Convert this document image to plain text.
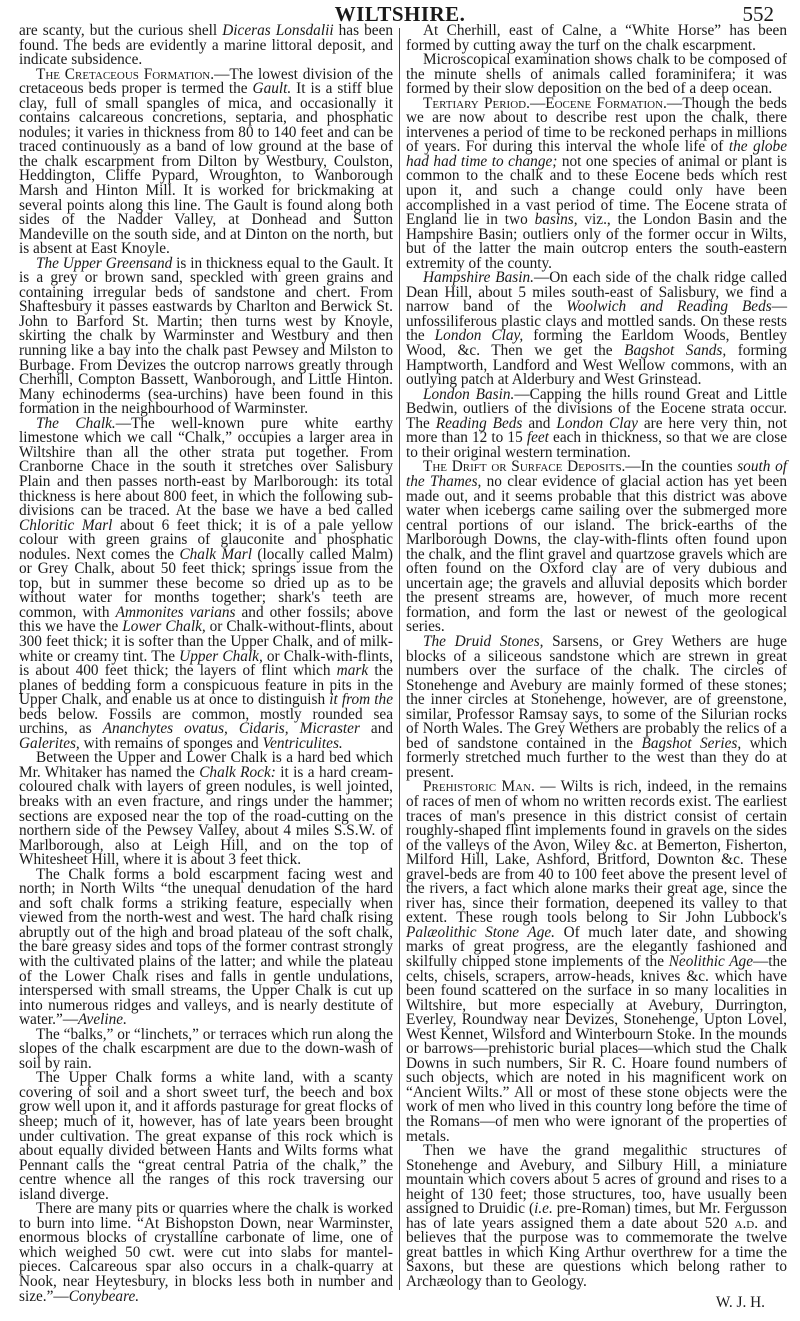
WILTSHIRE.	552

are scanty, but the curious shell Diceras Lonsdalii has been found. The beds are evidently a marine littoral deposit, and indicate subsidence.

The Cretaceous Formation.—The lowest division of the cretaceous beds proper is termed the Gault. It is a stiff blue clay, full of small spangles of mica, and occasionally it contains calcareous concretions, septaria, and phosphatic nodules; it varies in thickness from 80 to 140 feet and can be traced continuously as a band of low ground at the base of the chalk escarpment from Dilton by Westbury, Coulston, Heddington, Cliffe Pypard, Wroughton, to Wanborough Marsh and Hinton Mill. It is worked for brickmaking at several points along this line. The Gault is found along both sides of the Nadder Valley, at Donhead and Sutton Mandeville on the south side, and at Dinton on the north, but is absent at East Knoyle.

The Upper Greensand is in thickness equal to the Gault. It is a grey or brown sand, speckled with green grains and containing irregular beds of sandstone and chert. From Shaftesbury it passes eastwards by Charlton and Berwick St. John to Barford St. Martin; then turns west by Knoyle, skirting the chalk by Warminster and Westbury and then running like a bay into the chalk past Pewsey and Milston to Burbage. From Devizes the outcrop narrows greatly through Cherhill, Compton Bassett, Wanborough, and Little Hinton. Many echinoderms (sea-urchins) have been found in this formation in the neighbourhood of Warminster.

The Chalk.—The well-known pure white earthy limestone which we call “Chalk,” occupies a larger area in Wiltshire than all the other strata put together. From Cranborne Chace in the south it stretches over Salisbury Plain and then passes north-east by Marlborough: its total thickness is here about 800 feet, in which the following sub-divisions can be traced. At the base we have a bed called Chloritic Marl about 6 feet thick; it is of a pale yellow colour with green grains of glauconite and phosphatic nodules. Next comes the Chalk Marl (locally called Malm) or Grey Chalk, about 50 feet thick; springs issue from the top, but in summer these become so dried up as to be without water for months together; shark's teeth are common, with Ammonites varians and other fossils; above this we have the Lower Chalk, or Chalk-without-flints, about 300 feet thick; it is softer than the Upper Chalk, and of milk-white or creamy tint. The Upper Chalk, or Chalk-with-flints, is about 400 feet thick; the layers of flint which mark the planes of bedding form a conspicuous feature in pits in the Upper Chalk, and enable us at once to distinguish it from the beds below. Fossils are common, mostly rounded sea urchins, as Ananchytes ovatus, Cidaris, Micraster and Galerites, with remains of sponges and Ventriculites.

Between the Upper and Lower Chalk is a hard bed which Mr. Whitaker has named the Chalk Rock: it is a hard cream-coloured chalk with layers of green nodules, is well jointed, breaks with an even fracture, and rings under the hammer; sections are exposed near the top of the road-cutting on the northern side of the Pewsey Valley, about 4 miles S.S.W. of Marlborough, also at Leigh Hill, and on the top of Whitesheet Hill, where it is about 3 feet thick.

The Chalk forms a bold escarpment facing west and north; in North Wilts “the unequal denudation of the hard and soft chalk forms a striking feature, especially when viewed from the north-west and west. The hard chalk rising abruptly out of the high and broad plateau of the soft chalk, the bare greasy sides and tops of the former contrast strongly with the cultivated plains of the latter; and while the plateau of the Lower Chalk rises and falls in gentle undulations, interspersed with small streams, the Upper Chalk is cut up into numerous ridges and valleys, and is nearly destitute of water.”—Aveline.

The “balks,” or “linchets,” or terraces which run along the slopes of the chalk escarpment are due to the down-wash of soil by rain.

The Upper Chalk forms a white land, with a scanty covering of soil and a short sweet turf, the beech and box grow well upon it, and it affords pasturage for great flocks of sheep; much of it, however, has of late years been brought under cultivation. The great expanse of this rock which is about equally divided between Hants and Wilts forms what Pennant calls the “great central Patria of the chalk,” the centre whence all the ranges of this rock traversing our island diverge.

There are many pits or quarries where the chalk is worked to burn into lime. “At Bishopston Down, near Warminster, enormous blocks of crystalline carbonate of lime, one of which weighed 50 cwt. were cut into slabs for mantel-pieces. Calcareous spar also occurs in a chalk-quarry at Nook, near Heytesbury, in blocks less both in number and size.”—Conybeare.

At Cherhill, east of Calne, a “White Horse” has been formed by cutting away the turf on the chalk escarpment.

Microscopical examination shows chalk to be composed of the minute shells of animals called foraminifera; it was formed by their slow deposition on the bed of a deep ocean.

Tertiary Period.—Eocene Formation.—Though the beds we are now about to describe rest upon the chalk, there intervenes a period of time to be reckoned perhaps in millions of years. For during this interval the whole life of the globe had had time to change; not one species of animal or plant is common to the chalk and to these Eocene beds which rest upon it, and such a change could only have been accomplished in a vast period of time. The Eocene strata of England lie in two basins, viz., the London Basin and the Hampshire Basin; outliers only of the former occur in Wilts, but of the latter the main outcrop enters the south-eastern extremity of the county.

Hampshire Basin.—On each side of the chalk ridge called Dean Hill, about 5 miles south-east of Salisbury, we find a narrow band of the Woolwich and Reading Beds—unfossiliferous plastic clays and mottled sands. On these rests the London Clay, forming the Earldom Woods, Bentley Wood, &c. Then we get the Bagshot Sands, forming Hamptworth, Landford and West Wellow commons, with an outlying patch at Alderbury and West Grinstead.

London Basin.—Capping the hills round Great and Little Bedwin, outliers of the divisions of the Eocene strata occur. The Reading Beds and London Clay are here very thin, not more than 12 to 15 feet each in thickness, so that we are close to their original western termination.

The Drift or Surface Deposits.—In the counties south of the Thames, no clear evidence of glacial action has yet been made out, and it seems probable that this district was above water when icebergs came sailing over the submerged more central portions of our island. The brick-earths of the Marlborough Downs, the clay-with-flints often found upon the chalk, and the flint gravel and quartzose gravels which are often found on the Oxford clay are of very dubious and uncertain age; the gravels and alluvial deposits which border the present streams are, however, of much more recent formation, and form the last or newest of the geological series.

The Druid Stones, Sarsens, or Grey Wethers are huge blocks of a siliceous sandstone which are strewn in great numbers over the surface of the chalk. The circles of Stonehenge and Avebury are mainly formed of these stones; the inner circles at Stonehenge, however, are of greenstone, similar, Professor Ramsay says, to some of the Silurian rocks of North Wales. The Grey Wethers are probably the relics of a bed of sandstone contained in the Bagshot Series, which formerly stretched much further to the west than they do at present.

Prehistoric Man. — Wilts is rich, indeed, in the remains of races of men of whom no written records exist. The earliest traces of man's presence in this district consist of certain roughly-shaped flint implements found in gravels on the sides of the valleys of the Avon, Wiley &c. at Bemerton, Fisherton, Milford Hill, Lake, Ashford, Britford, Downton &c. These gravel-beds are from 40 to 100 feet above the present level of the rivers, a fact which alone marks their great age, since the river has, since their formation, deepened its valley to that extent. These rough tools belong to Sir John Lubbock's Palæolithic Stone Age. Of much later date, and showing marks of great progress, are the elegantly fashioned and skilfully chipped stone implements of the Neolithic Age—the celts, chisels, scrapers, arrow-heads, knives &c. which have been found scattered on the surface in so many localities in Wiltshire, but more especially at Avebury, Durrington, Everley, Roundway near Devizes, Stonehenge, Upton Lovel, West Kennet, Wilsford and Winterbourn Stoke. In the mounds or barrows—prehistoric burial places—which stud the Chalk Downs in such numbers, Sir R. C. Hoare found numbers of such objects, which are noted in his magnificent work on “Ancient Wilts.” All or most of these stone objects were the work of men who lived in this country long before the time of the Romans—of men who were ignorant of the properties of metals.

Then we have the grand megalithic structures of Stonehenge and Avebury, and Silbury Hill, a miniature mountain which covers about 5 acres of ground and rises to a height of 130 feet; those structures, too, have usually been assigned to Druidic (i.e. pre-Roman) times, but Mr. Fergusson has of late years assigned them a date about 520 a.d. and believes that the purpose was to commemorate the twelve great battles in which King Arthur overthrew for a time the Saxons, but these are questions which belong rather to Archæology than to Geology.

W. J. H.
